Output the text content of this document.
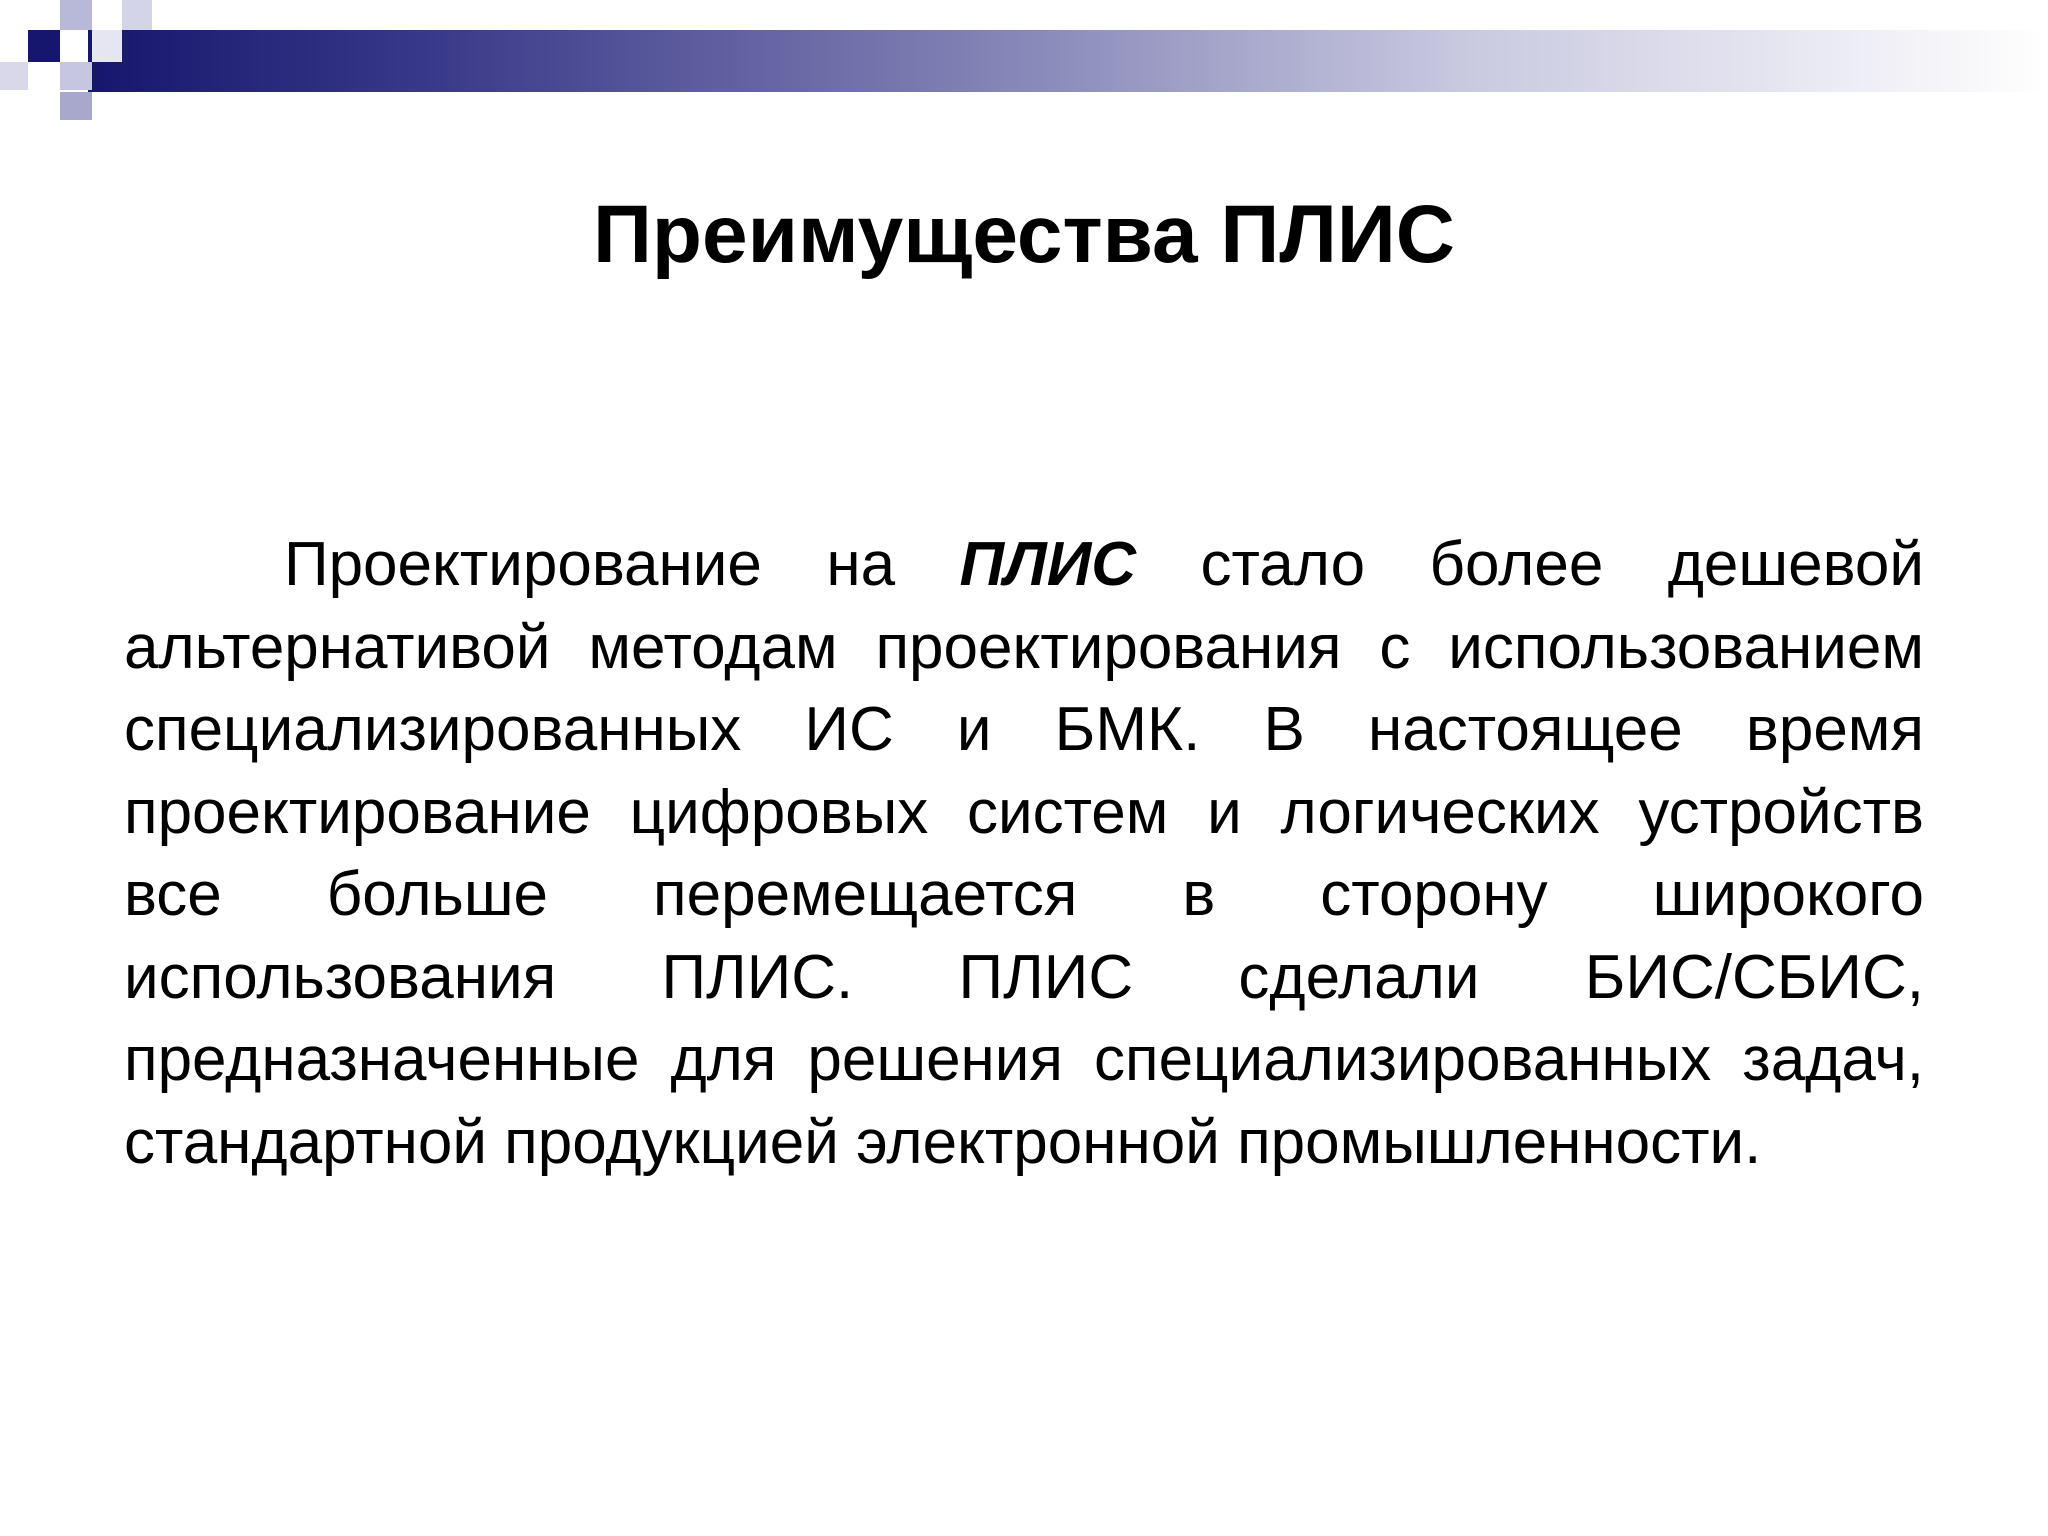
Преимущества ПЛИС

Проектирование на ПЛИС стало более дешевой альтернативой методам проектирования с использованием специализированных ИС и БМК. В настоящее время проектирование цифровых систем и логических устройств все больше перемещается в сторону широкого использования ПЛИС. ПЛИС сделали БИС/СБИС, предназначенные для решения специализированных задач, стандартной продукцией электронной промышленности.
